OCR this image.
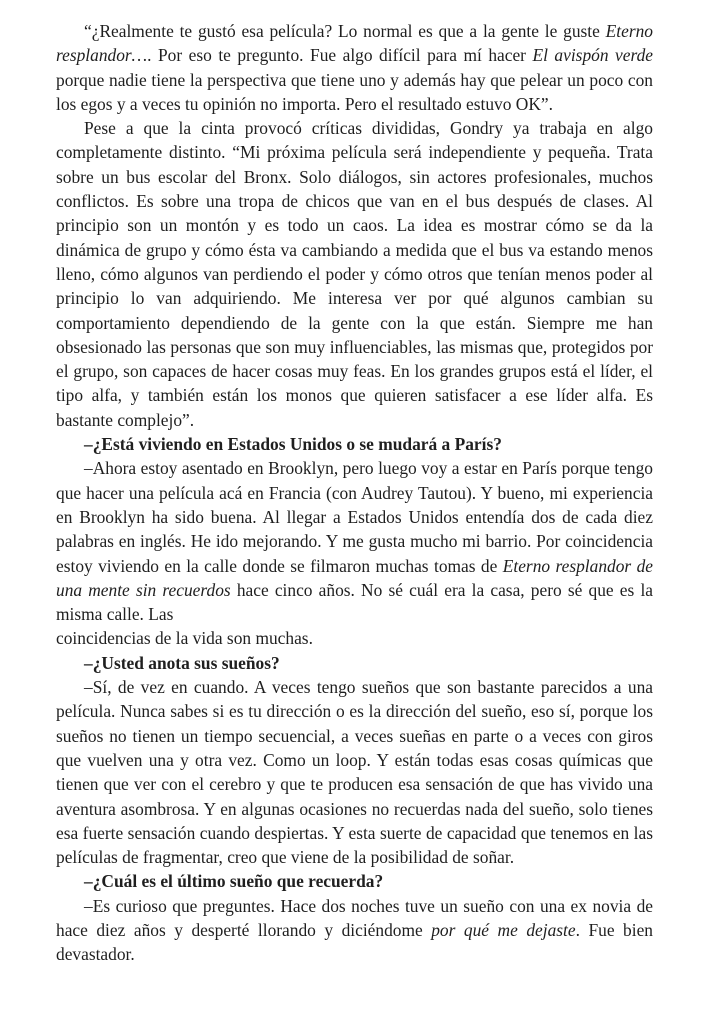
“¿Realmente te gustó esa película? Lo normal es que a la gente le guste Eterno resplandor…. Por eso te pregunto. Fue algo difícil para mí hacer El avispón verde porque nadie tiene la perspectiva que tiene uno y además hay que pelear un poco con los egos y a veces tu opinión no importa. Pero el resultado estuvo OK”.

Pese a que la cinta provocó críticas divididas, Gondry ya trabaja en algo completamente distinto. “Mi próxima película será independiente y pequeña. Trata sobre un bus escolar del Bronx. Solo diálogos, sin actores profesionales, muchos conflictos. Es sobre una tropa de chicos que van en el bus después de clases. Al principio son un montón y es todo un caos. La idea es mostrar cómo se da la dinámica de grupo y cómo ésta va cambiando a medida que el bus va estando menos lleno, cómo algunos van perdiendo el poder y cómo otros que tenían menos poder al principio lo van adquiriendo. Me interesa ver por qué algunos cambian su comportamiento dependiendo de la gente con la que están. Siempre me han obsesionado las personas que son muy influenciables, las mismas que, protegidos por el grupo, son capaces de hacer cosas muy feas. En los grandes grupos está el líder, el tipo alfa, y también están los monos que quieren satisfacer a ese líder alfa. Es bastante complejo”.

–¿Está viviendo en Estados Unidos o se mudará a París?

–Ahora estoy asentado en Brooklyn, pero luego voy a estar en París porque tengo que hacer una película acá en Francia (con Audrey Tautou). Y bueno, mi experiencia en Brooklyn ha sido buena. Al llegar a Estados Unidos entendía dos de cada diez palabras en inglés. He ido mejorando. Y me gusta mucho mi barrio. Por coincidencia estoy viviendo en la calle donde se filmaron muchas tomas de Eterno resplandor de una mente sin recuerdos hace cinco años. No sé cuál era la casa, pero sé que es la misma calle. Las

coincidencias de la vida son muchas.

–¿Usted anota sus sueños?

–Sí, de vez en cuando. A veces tengo sueños que son bastante parecidos a una película. Nunca sabes si es tu dirección o es la dirección del sueño, eso sí, porque los sueños no tienen un tiempo secuencial, a veces sueñas en parte o a veces con giros que vuelven una y otra vez. Como un loop. Y están todas esas cosas químicas que tienen que ver con el cerebro y que te producen esa sensación de que has vivido una aventura asombrosa. Y en algunas ocasiones no recuerdas nada del sueño, solo tienes esa fuerte sensación cuando despiertas. Y esta suerte de capacidad que tenemos en las películas de fragmentar, creo que viene de la posibilidad de soñar.

–¿Cuál es el último sueño que recuerda?

–Es curioso que preguntes. Hace dos noches tuve un sueño con una ex novia de hace diez años y desperté llorando y diciéndome por qué me dejaste. Fue bien devastador.
